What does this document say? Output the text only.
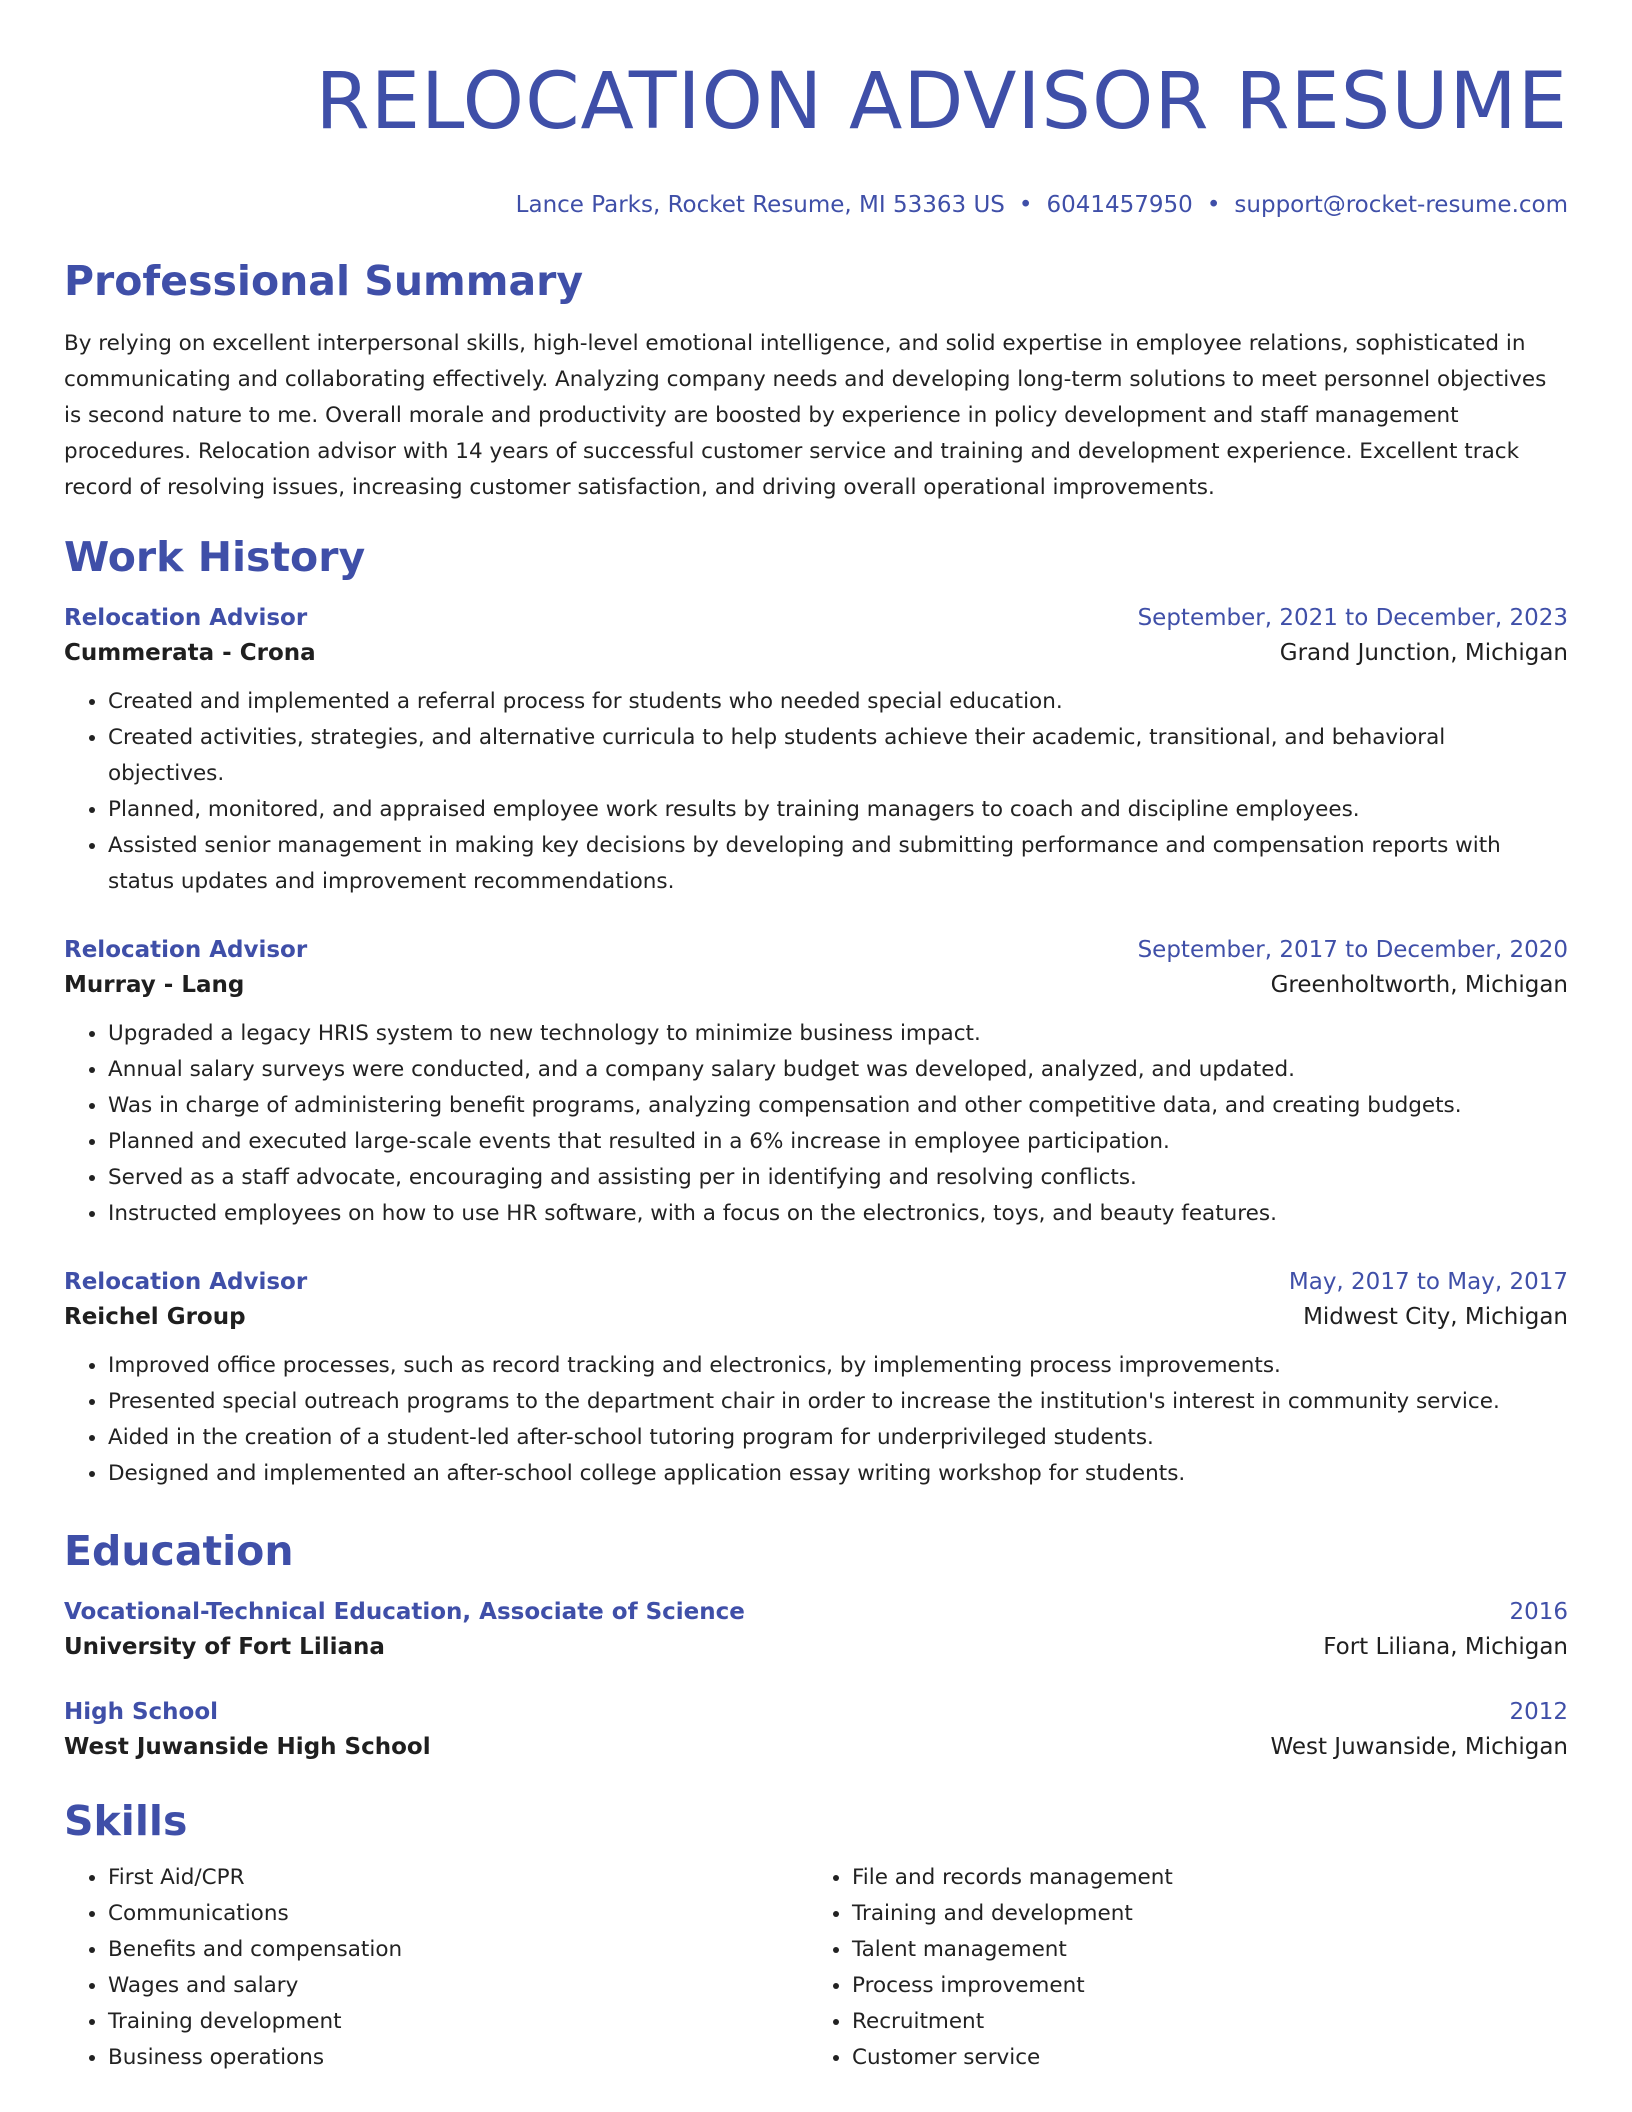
RELOCATION ADVISOR RESUME
Lance Parks, Rocket Resume, MI 53363 US • 6041457950 • support@rocket-resume.com
Professional Summary
By relying on excellent interpersonal skills, high-level emotional intelligence, and solid expertise in employee relations, sophisticated in communicating and collaborating effectively. Analyzing company needs and developing long-term solutions to meet personnel objectives is second nature to me. Overall morale and productivity are boosted by experience in policy development and staff management procedures. Relocation advisor with 14 years of successful customer service and training and development experience. Excellent track record of resolving issues, increasing customer satisfaction, and driving overall operational improvements.
Work History
Relocation Advisor	September, 2021 to December, 2023
Cummerata - Crona	Grand Junction, Michigan
• Created and implemented a referral process for students who needed special education.
• Created activities, strategies, and alternative curricula to help students achieve their academic, transitional, and behavioral objectives.
• Planned, monitored, and appraised employee work results by training managers to coach and discipline employees.
• Assisted senior management in making key decisions by developing and submitting performance and compensation reports with status updates and improvement recommendations.
Relocation Advisor	September, 2017 to December, 2020
Murray - Lang	Greenholtworth, Michigan
• Upgraded a legacy HRIS system to new technology to minimize business impact.
• Annual salary surveys were conducted, and a company salary budget was developed, analyzed, and updated.
• Was in charge of administering benefit programs, analyzing compensation and other competitive data, and creating budgets.
• Planned and executed large-scale events that resulted in a 6% increase in employee participation.
• Served as a staff advocate, encouraging and assisting per in identifying and resolving conflicts.
• Instructed employees on how to use HR software, with a focus on the electronics, toys, and beauty features.
Relocation Advisor	May, 2017 to May, 2017
Reichel Group	Midwest City, Michigan
• Improved office processes, such as record tracking and electronics, by implementing process improvements.
• Presented special outreach programs to the department chair in order to increase the institution's interest in community service.
• Aided in the creation of a student-led after-school tutoring program for underprivileged students.
• Designed and implemented an after-school college application essay writing workshop for students.
Education
Vocational-Technical Education, Associate of Science	2016
University of Fort Liliana	Fort Liliana, Michigan
High School	2012
West Juwanside High School	West Juwanside, Michigan
Skills
• First Aid/CPR
• Communications
• Benefits and compensation
• Wages and salary
• Training development
• Business operations
• File and records management
• Training and development
• Talent management
• Process improvement
• Recruitment
• Customer service
